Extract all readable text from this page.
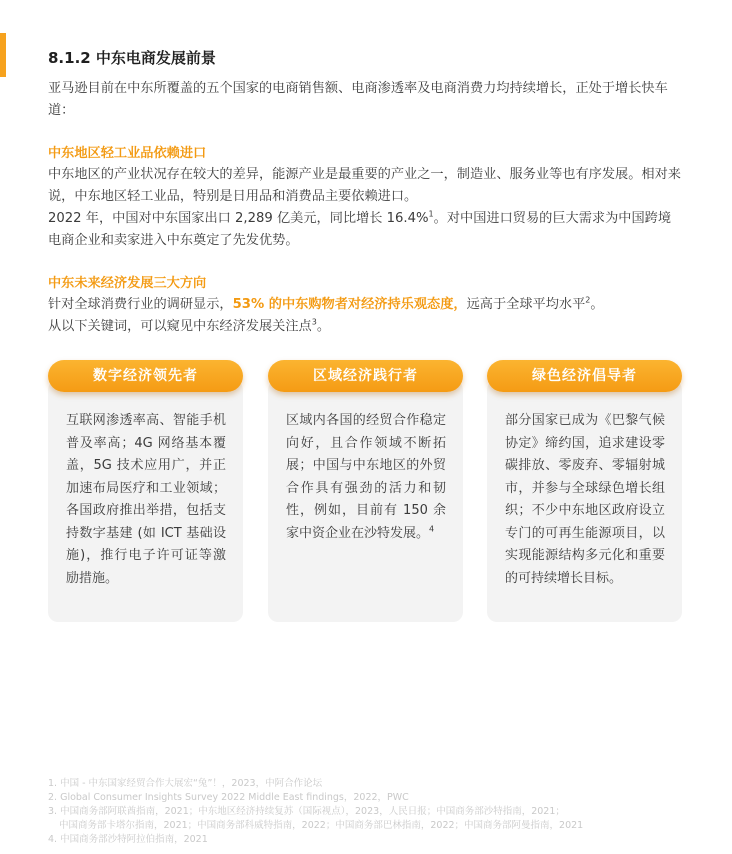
8.1.2 中东电商发展前景

亚马逊目前在中东所覆盖的五个国家的电商销售额、电商渗透率及电商消费力均持续增长，正处于增长快车道：

中东地区轻工业品依赖进口

中东地区的产业状况存在较大的差异，能源产业是最重要的产业之一，制造业、服务业等也有序发展。相对来说，中东地区轻工业品，特别是日用品和消费品主要依赖进口。

2022 年，中国对中东国家出口 2,289 亿美元，同比增长 16.4%$^1$。对中国进口贸易的巨大需求为中国跨境电商企业和卖家进入中东奠定了先发优势。

中东未来经济发展三大方向

针对全球消费行业的调研显示，53% 的中东购物者对经济持乐观态度，远高于全球平均水平$^2$。

从以下关键词，可以窥见中东经济发展关注点$^3$。

数字经济领先者

互联网渗透率高、智能手机普及率高；4G 网络基本覆盖，5G 技术应用广，并正加速布局医疗和工业领域；各国政府推出举措，包括支持数字基建 (如 ICT 基础设施)，推行电子许可证等激励措施。

区域经济践行者

区域内各国的经贸合作稳定向好，且合作领域不断拓展；中国与中东地区的外贸合作具有强劲的活力和韧性，例如，目前有 150 余家中资企业在沙特发展。$^4$

绿色经济倡导者

部分国家已成为《巴黎气候协定》缔约国，追求建设零碳排放、零废弃、零辐射城市，并参与全球绿色增长组织；不少中东地区政府设立专门的可再生能源项目，以实现能源结构多元化和重要的可持续增长目标。

1. 中国 - 中东国家经贸合作大展宏“兔”！，2023，中阿合作论坛
2. Global Consumer Insights Survey 2022 Middle East findings，2022，PWC
3. 中国商务部阿联酋指南，2021；中东地区经济持续复苏（国际视点），2023，人民日报；中国商务部沙特指南，2021；
中国商务部卡塔尔指南，2021；中国商务部科威特指南，2022；中国商务部巴林指南，2022；中国商务部阿曼指南，2021
4. 中国商务部沙特阿拉伯指南，2021
